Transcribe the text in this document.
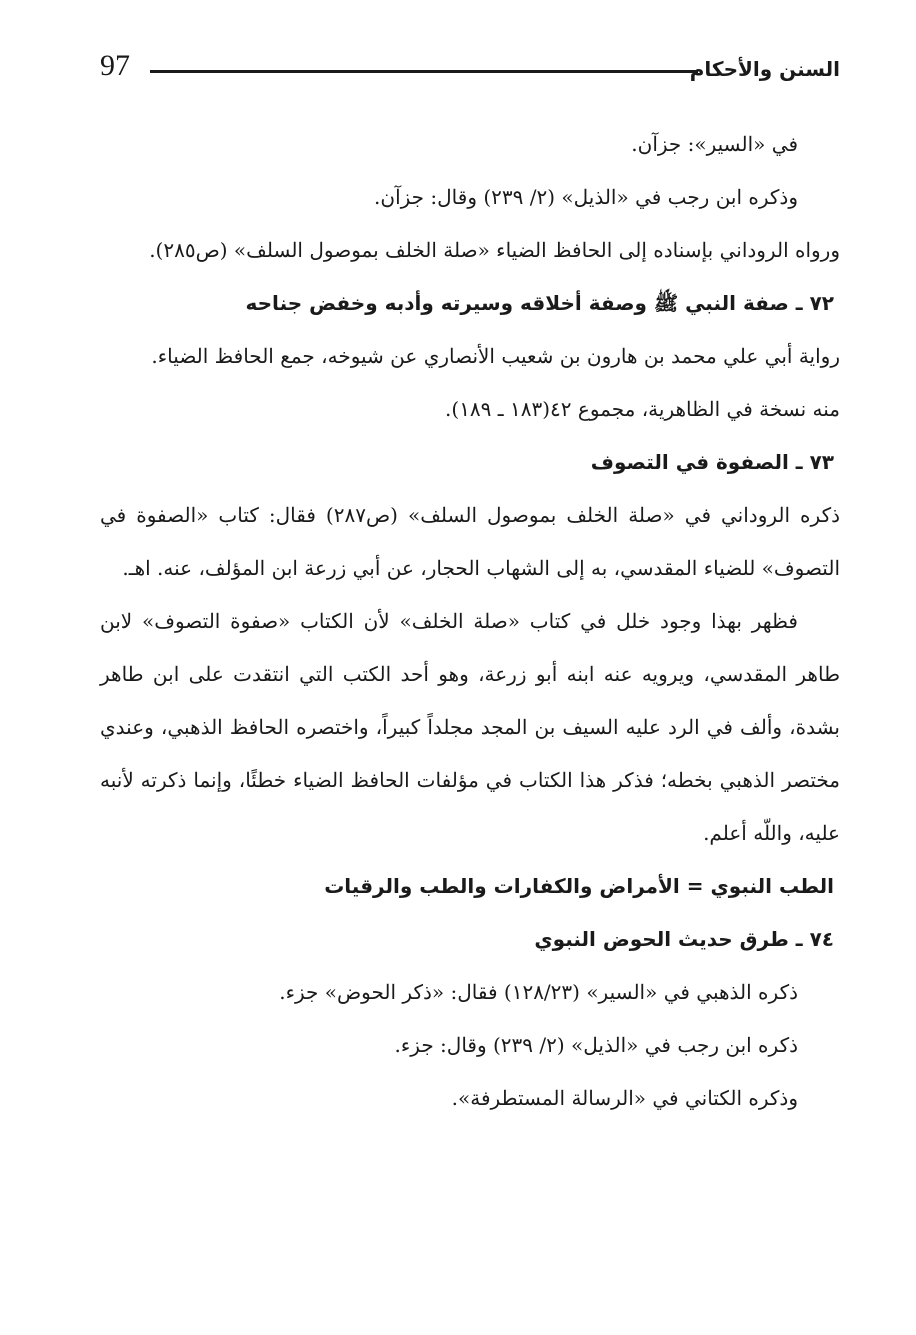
97	السنن والأحكام

في «السير»: جزآن.

وذكره ابن رجب في «الذيل» (٢/ ٢٣٩) وقال: جزآن.

ورواه الروداني بإسناده إلى الحافظ الضياء «صلة الخلف بموصول السلف» (ص٢٨٥).

٧٢ ـ صفة النبي ﷺ وصفة أخلاقه وسيرته وأدبه وخفض جناحه

رواية أبي علي محمد بن هارون بن شعيب الأنصاري عن شيوخه، جمع الحافظ الضياء.

منه نسخة في الظاهرية، مجموع ٤٢(١٨٣ ـ ١٨٩).

٧٣ ـ الصفوة في التصوف

ذكره الروداني في «صلة الخلف بموصول السلف» (ص٢٨٧) فقال: كتاب «الصفوة في التصوف» للضياء المقدسي، به إلى الشهاب الحجار، عن أبي زرعة ابن المؤلف، عنه. اهـ.

فظهر بهذا وجود خلل في كتاب «صلة الخلف» لأن الكتاب «صفوة التصوف» لابن طاهر المقدسي، ويرويه عنه ابنه أبو زرعة، وهو أحد الكتب التي انتقدت على ابن طاهر بشدة، وألف في الرد عليه السيف بن المجد مجلداً كبيراً، واختصره الحافظ الذهبي، وعندي مختصر الذهبي بخطه؛ فذكر هذا الكتاب في مؤلفات الحافظ الضياء خطئًا، وإنما ذكرته لأنبه عليه، واللّه أعلم.

الطب النبوي = الأمراض والكفارات والطب والرقيات
٧٤ ـ طرق حديث الحوض النبوي

ذكره الذهبي في «السير» (١٢٨/٢٣) فقال: «ذكر الحوض» جزء.

ذكره ابن رجب في «الذيل» (٢/ ٢٣٩) وقال: جزء.

وذكره الكتاني في «الرسالة المستطرفة».
